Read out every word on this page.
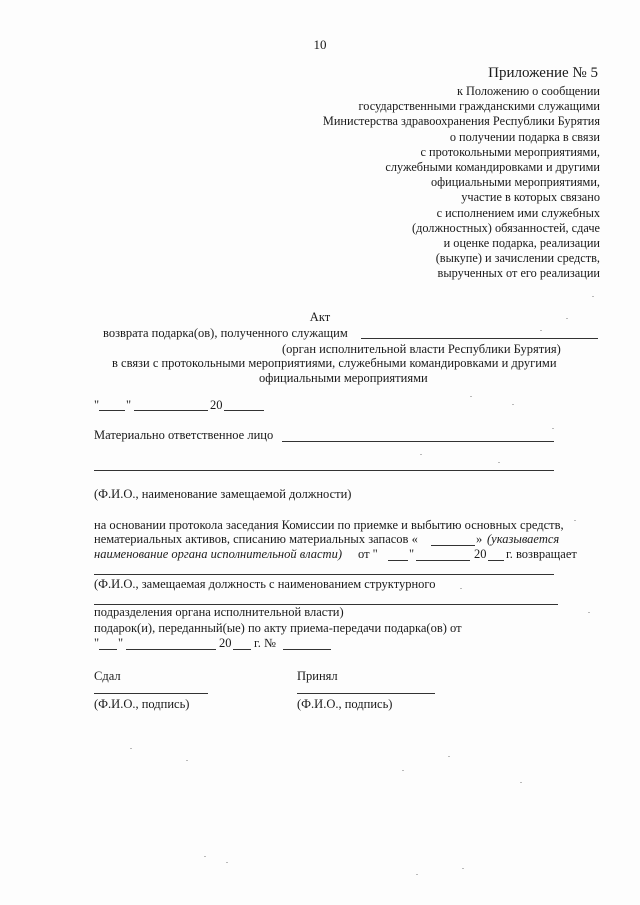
10
Приложение № 5
к Положению о сообщении
государственными гражданскими служащими
Министерства здравоохранения Республики Бурятия
о получении подарка в связи
с протокольными мероприятиями,
служебными командировками и другими
официальными мероприятиями,
участие в которых связано
с исполнением ими служебных
(должностных) обязанностей, сдаче
и оценке подарка, реализации
(выкупе) и зачислении средств,
вырученных от его реализации
Акт
возврата подарка(ов), полученного служащим
(орган исполнительной власти Республики Бурятия)
в связи с протокольными мероприятиями, служебными командировками и другими
официальными мероприятиями
" "	20
Материально ответственное лицо
(Ф.И.О., наименование замещаемой должности)
на основании протокола заседания Комиссии по приемке и выбытию основных средств,
нематериальных активов, списанию материальных запасов «	» (указывается
наименование органа исполнительной власти) от " "	20 г. возвращает
(Ф.И.О., замещаемая должность с наименованием структурного
подразделения органа исполнительной власти)
подарок(и), переданный(ые) по акту приема-передачи подарка(ов) от
" "	20 г. №
Сдал	Принял
(Ф.И.О., подпись)	(Ф.И.О., подпись)
